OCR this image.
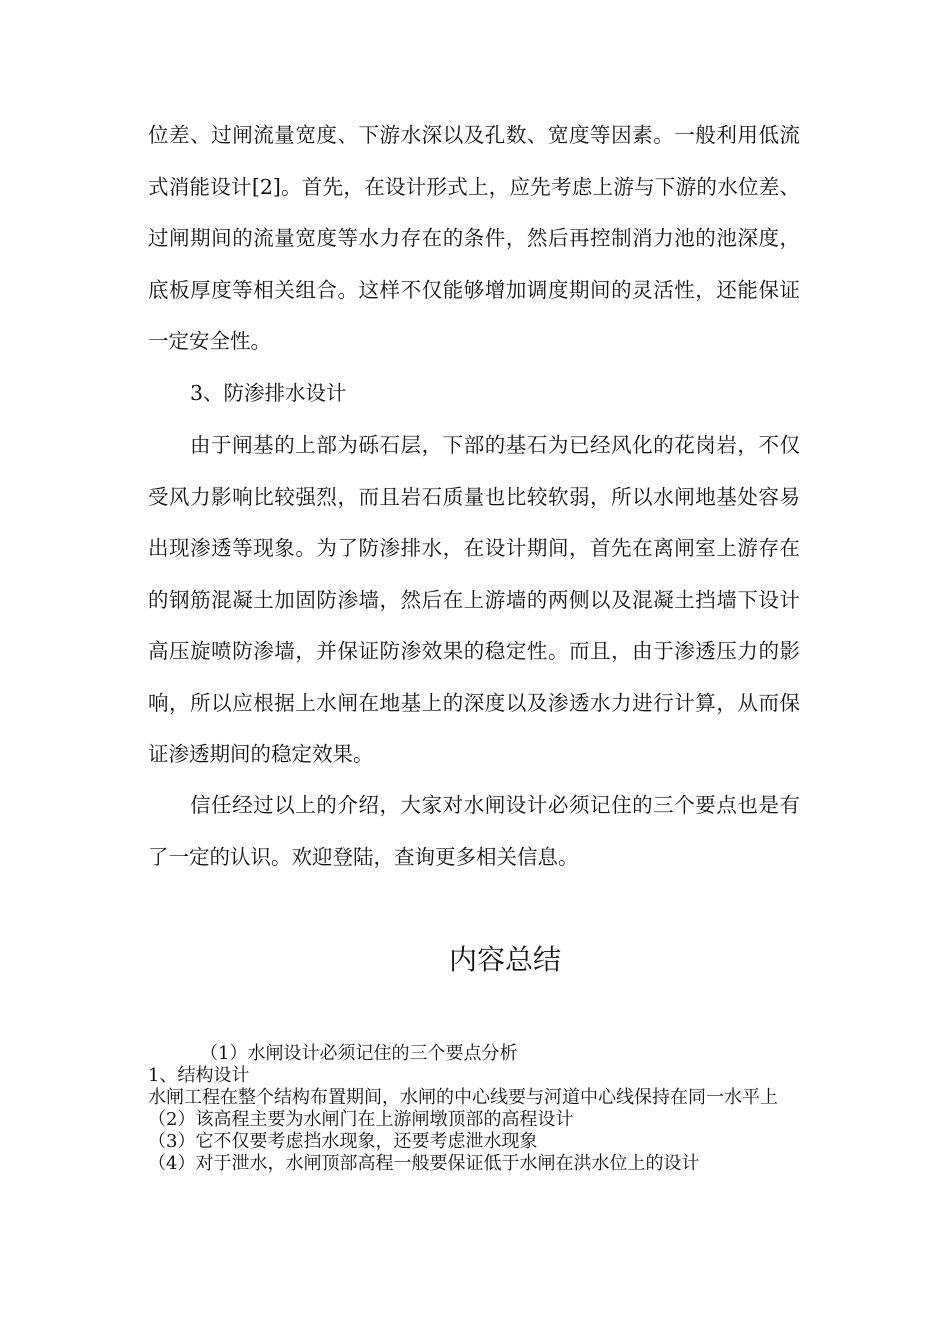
位差、过闸流量宽度、下游水深以及孔数、宽度等因素。一般利用低流式消能设计[2]。首先，在设计形式上，应先考虑上游与下游的水位差、过闸期间的流量宽度等水力存在的条件，然后再控制消力池的池深度，底板厚度等相关组合。这样不仅能够增加调度期间的灵活性，还能保证一定安全性。

3、防渗排水设计

由于闸基的上部为砾石层，下部的基石为已经风化的花岗岩，不仅受风力影响比较强烈，而且岩石质量也比较软弱，所以水闸地基处容易出现渗透等现象。为了防渗排水，在设计期间，首先在离闸室上游存在的钢筋混凝土加固防渗墙，然后在上游墙的两侧以及混凝土挡墙下设计高压旋喷防渗墙，并保证防渗效果的稳定性。而且，由于渗透压力的影响，所以应根据上水闸在地基上的深度以及渗透水力进行计算，从而保证渗透期间的稳定效果。

信任经过以上的介绍，大家对水闸设计必须记住的三个要点也是有了一定的认识。欢迎登陆，查询更多相关信息。

内容总结
（1）水闸设计必须记住的三个要点分析
1、结构设计
水闸工程在整个结构布置期间，水闸的中心线要与河道中心线保持在同一水平上
（2）该高程主要为水闸门在上游闸墩顶部的高程设计
（3）它不仅要考虑挡水现象，还要考虑泄水现象
（4）对于泄水，水闸顶部高程一般要保证低于水闸在洪水位上的设计
